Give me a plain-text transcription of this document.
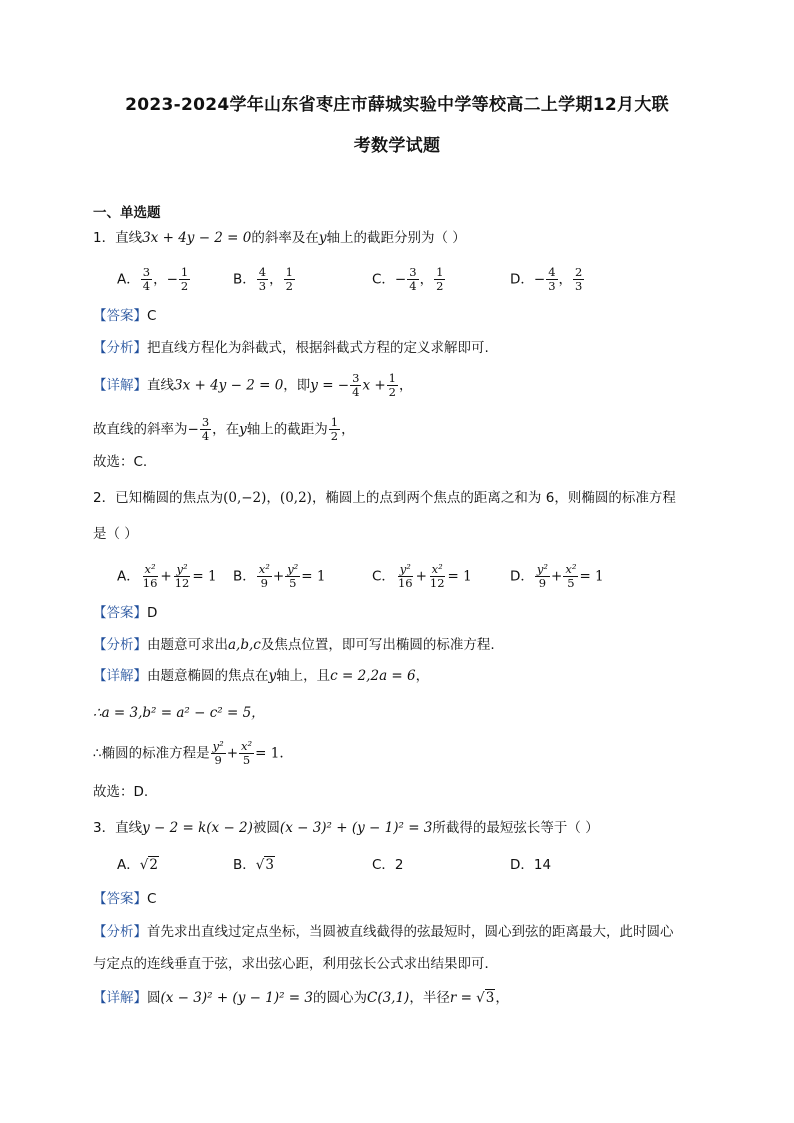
2023-2024学年山东省枣庄市薛城实验中学等校高二上学期12月大联
考数学试题
一、单选题
1．直线3x + 4y − 2 = 0的斜率及在y轴上的截距分别为（ ）
A． $\frac{3}{4}$ ，− $\frac{1}{2}$	B． $\frac{4}{3}$ ， $\frac{1}{2}$	C．− $\frac{3}{4}$ ， $\frac{1}{2}$	D．− $\frac{4}{3}$ ， $\frac{2}{3}$
【答案】C
【分析】把直线方程化为斜截式，根据斜截式方程的定义求解即可.
【详解】直线3x + 4y − 2 = 0，即y = − $\frac{3}{4}$ $x + \frac{1}{2}$ ，
故直线的斜率为− $\frac{3}{4}$ ，在y轴上的截距为 $\frac{1}{2}$ ，
故选：C.
2．已知椭圆的焦点为(0,−2)，(0,2)，椭圆上的点到两个焦点的距离之和为 6，则椭圆的标准方程
是（ ）
A． $\frac{\text{x²}}{16} + \frac{\text{y²}}{12} = 1$ B． $\frac{\text{x²}}{9} + \frac{\text{y²}}{5} = 1$	C． $\frac{\text{y²}}{16} + \frac{\text{x²}}{12} = 1$	D． $\frac{\text{y²}}{9} + \frac{\text{x²}}{5} = 1$
【答案】D
【分析】由题意可求出a,b,c及焦点位置，即可写出椭圆的标准方程.
【详解】由题意椭圆的焦点在y轴上，且c = 2,2a = 6，
∴a = 3,b² = a² − c² = 5，
∴椭圆的标准方程是 $\frac{\text{y²}}{9} + \frac{\text{x²}}{5} = 1$.
故选：D.
3．直线y − 2 = k(x − 2)被圆(x − 3)² + (y − 1)² = 3所截得的最短弦长等于（ ）
A．√2	B．√3	C．2	D．14
【答案】C
【分析】首先求出直线过定点坐标，当圆被直线截得的弦最短时，圆心到弦的距离最大，此时圆心
与定点的连线垂直于弦，求出弦心距，利用弦长公式求出结果即可．
【详解】圆(x − 3)² + (y − 1)² = 3的圆心为C(3,1)，半径r = √3，
